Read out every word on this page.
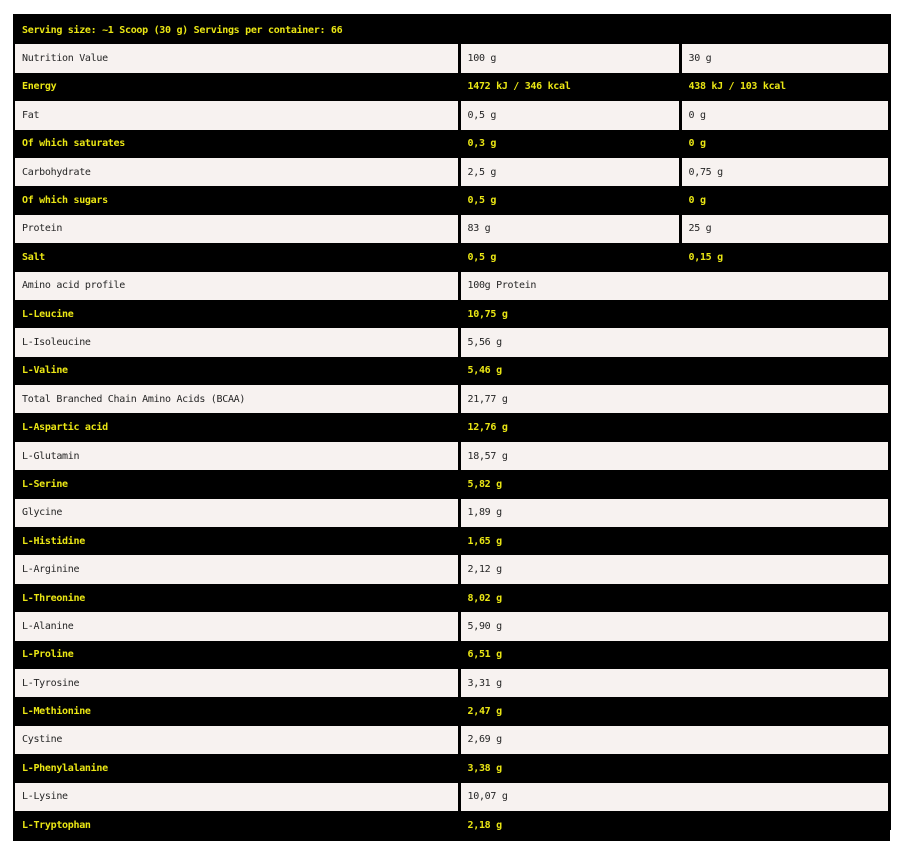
Serving size: ~1 Scoop (30 g) Servings per container: 66		
Nutrition Value	100 g	30 g
Energy	1472 kJ / 346 kcal	438 kJ / 103 kcal
Fat	0,5 g	0 g
Of which saturates	0,3 g	0 g
Carbohydrate	2,5 g	0,75 g
Of which sugars	0,5 g	0 g
Protein	83 g	25 g
Salt	0,5 g	0,15 g
Amino acid profile	100g Protein	
L-Leucine	10,75 g	
L-Isoleucine	5,56 g	
L-Valine	5,46 g	
Total Branched Chain Amino Acids (BCAA)	21,77 g	
L-Aspartic acid	12,76 g	
L-Glutamin	18,57 g	
L-Serine	5,82 g	
Glycine	1,89 g	
L-Histidine	1,65 g	
L-Arginine	2,12 g	
L-Threonine	8,02 g	
L-Alanine	5,90 g	
L-Proline	6,51 g	
L-Tyrosine	3,31 g	
L-Methionine	2,47 g	
Cystine	2,69 g	
L-Phenylalanine	3,38 g	
L-Lysine	10,07 g	
L-Tryptophan	2,18 g	
